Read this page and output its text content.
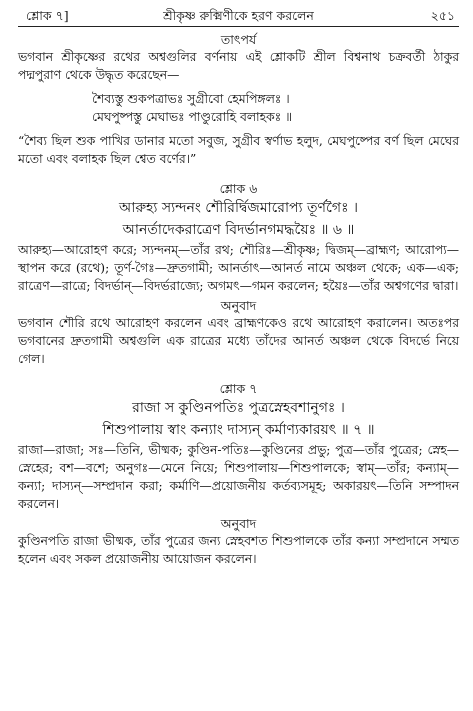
শ্লোক ৭]	শ্রীকৃষ্ণ রুক্মিণীকে হরণ করলেন	২৫১
তাৎপর্য
ভগবান শ্রীকৃষ্ণের রথের অশ্বগুলির বর্ণনায় এই শ্লোকটি শ্রীল বিশ্বনাথ চক্রবর্তী ঠাকুর পদ্মপুরাণ থেকে উদ্ধৃত করেছেন—
শৈব্যস্তু শুকপত্রাভঃ সুগ্রীবো হেমপিঙ্গলঃ ।
মেঘপুষ্পস্তু মেঘাভঃ পাণ্ডুরোহি বলাহকঃ ॥
“শৈব্য ছিল শুক পাখির ডানার মতো সবুজ, সুগ্রীব স্বর্ণাভ হলুদ, মেঘপুষ্পের বর্ণ ছিল মেঘের মতো এবং বলাহক ছিল শ্বেত বর্ণের।”
শ্লোক ৬
আরুহ্য স্যন্দনং শৌরির্দ্বিজমারোপ্য তূর্ণগৈঃ ।
আনর্তাদেকরাত্রেণ বিদর্ভানগমদ্ধয়ৈঃ ॥ ৬ ॥
আরুহ্য—আরোহণ করে; স্যন্দনম্—তাঁর রথ; শৌরিঃ—শ্রীকৃষ্ণ; দ্বিজম্—ব্রাহ্মণ; আরোপ্য—স্থাপন করে (রথে); তূর্ণ-গৈঃ—দ্রুতগামী; আনর্তাৎ—আনর্ত নামে অঞ্চল থেকে; এক—এক; রাত্রেণ—রাত্রে; বিদর্ভান্—বিদর্ভরাজ্যে; অগমৎ—গমন করলেন; হয়ৈঃ—তাঁর অশ্বগণের দ্বারা।
অনুবাদ
ভগবান শৌরি রথে আরোহণ করলেন এবং ব্রাহ্মণকেও রথে আরোহণ করালেন। অতঃপর ভগবানের দ্রুতগামী অশ্বগুলি এক রাত্রের মধ্যে তাঁদের আনর্ত অঞ্চল থেকে বিদর্ভে নিয়ে গেল।
শ্লোক ৭
রাজা স কুণ্ডিনপতিঃ পুত্রস্নেহবশানুগঃ ।
শিশুপালায় স্বাং কন্যাং দাস্যন্ কর্মাণ্যকারয়ৎ ॥ ৭ ॥
রাজা—রাজা; সঃ—তিনি, ভীষ্মক; কুণ্ডিন-পতিঃ—কুণ্ডিনের প্রভু; পুত্র—তাঁর পুত্রের; স্নেহ—স্নেহের; বশ—বশে; অনুগঃ—মেনে নিয়ে; শিশুপালায়—শিশুপালকে; স্বাম্—তাঁর; কন্যাম্—কন্যা; দাস্যন্—সম্প্রদান করা; কর্মাণি—প্রয়োজনীয় কর্তব্যসমূহ; অকারয়ৎ—তিনি সম্পাদন করলেন।
অনুবাদ
কুণ্ডিনপতি রাজা ভীষ্মক, তাঁর পুত্রের জন্য স্নেহবশত শিশুপালকে তাঁর কন্যা সম্প্রদানে সম্মত হলেন এবং সকল প্রয়োজনীয় আয়োজন করলেন।
